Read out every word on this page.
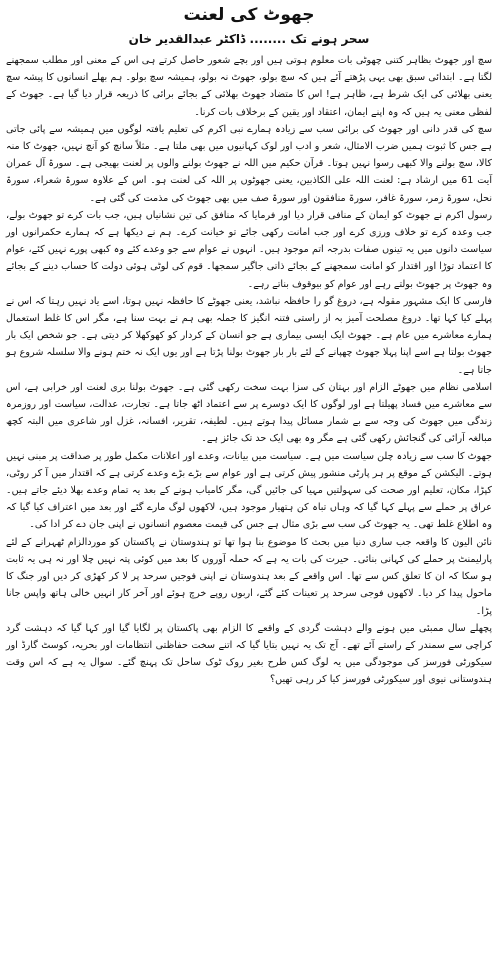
جھوٹ کی لعنت
سحر ہونے تک ........ ڈاکٹر عبدالقدیر خان

سچ اور جھوٹ بظاہر کتنی چھوٹی بات معلوم ہوتی ہیں اور بچے شعور حاصل کرتے ہی اس کے معنی اور مطلب سمجھنے لگتا ہے۔ ابتدائی سبق بھی یہی پڑھتے آئے ہیں کہ سچ بولو، جھوٹ نہ بولو، ہمیشہ سچ بولو۔ ہم بھلے انسانوں کا پیشہ سچ یعنی بھلائی کی ایک شرط ہے، ظاہر ہے! اس کا متضاد جھوٹ بھلائی کے بجائے برائی کا ذریعہ قرار دیا گیا ہے۔ جھوٹ کے لفظی معنی یہ ہیں کہ وہ اپنے ایمان، اعتقاد اور یقین کے برخلاف بات کرنا۔

سچ کی قدر دانی اور جھوٹ کی برائی سب سے زیادہ ہمارے نبی اکرم کی تعلیم یافتہ لوگوں میں ہمیشہ سے پائی جاتی ہے جس کا ثبوت ہمیں ضرب الامثال، شعر و ادب اور لوک کہانیوں میں بھی ملتا ہے۔ مثلاً سانچ کو آنچ نہیں، جھوٹ کا منہ کالا، سچ بولنے والا کبھی رسوا نہیں ہوتا۔ قرآن حکیم میں اللہ نے جھوٹ بولنے والوں پر لعنت بھیجی ہے۔ سورۃ آل عمران آیت 61 میں ارشاد ہے: لعنت اللہ علی الکاذبین، یعنی جھوٹوں پر اللہ کی لعنت ہو۔ اس کے علاوہ سورۃ شعراء، سورۃ نحل، سورۃ زمر، سورۃ غافر، سورۃ منافقون اور سورۃ صف میں بھی جھوٹ کی مذمت کی گئی ہے۔

رسول اکرم نے جھوٹ کو ایمان کے منافی قرار دیا اور فرمایا کہ منافق کی تین نشانیاں ہیں، جب بات کرے تو جھوٹ بولے، جب وعدہ کرے تو خلاف ورزی کرے اور جب امانت رکھی جائے تو خیانت کرے۔ ہم نے دیکھا ہے کہ ہمارے حکمرانوں اور سیاست دانوں میں یہ تینوں صفات بدرجہ اتم موجود ہیں۔ انہوں نے عوام سے جو وعدے کئے وہ کبھی پورے نہیں کئے، عوام کا اعتماد توڑا اور اقتدار کو امانت سمجھنے کے بجائے ذاتی جاگیر سمجھا۔ قوم کی لوٹی ہوئی دولت کا حساب دینے کے بجائے وہ جھوٹ پر جھوٹ بولتے رہے اور عوام کو بیوقوف بناتے رہے۔

فارسی کا ایک مشہور مقولہ ہے، دروغ گو را حافظہ نباشد، یعنی جھوٹے کا حافظہ نہیں ہوتا، اسے یاد نہیں رہتا کہ اس نے پہلے کیا کہا تھا۔ دروغ مصلحت آمیز بہ از راستی فتنہ انگیز کا جملہ بھی ہم نے بہت سنا ہے، مگر اس کا غلط استعمال ہمارے معاشرے میں عام ہے۔ جھوٹ ایک ایسی بیماری ہے جو انسان کے کردار کو کھوکھلا کر دیتی ہے۔ جو شخص ایک بار جھوٹ بولتا ہے اسے اپنا پہلا جھوٹ چھپانے کے لئے بار بار جھوٹ بولنا پڑتا ہے اور یوں ایک نہ ختم ہونے والا سلسلہ شروع ہو جاتا ہے۔

اسلامی نظام میں جھوٹے الزام اور بہتان کی سزا بہت سخت رکھی گئی ہے۔ جھوٹ بولنا بری لعنت اور خرابی ہے، اس سے معاشرے میں فساد پھیلتا ہے اور لوگوں کا ایک دوسرے پر سے اعتماد اٹھ جاتا ہے۔ تجارت، عدالت، سیاست اور روزمرہ زندگی میں جھوٹ کی وجہ سے بے شمار مسائل پیدا ہوتے ہیں۔ لطیفہ، تقریر، افسانہ، غزل اور شاعری میں البتہ کچھ مبالغہ آرائی کی گنجائش رکھی گئی ہے مگر وہ بھی ایک حد تک جائز ہے۔

جھوٹ کا سب سے زیادہ چلن سیاست میں ہے۔ سیاست میں بیانات، وعدے اور اعلانات مکمل طور پر صداقت پر مبنی نہیں ہوتے۔ الیکشن کے موقع پر ہر پارٹی منشور پیش کرتی ہے اور عوام سے بڑے بڑے وعدے کرتی ہے کہ اقتدار میں آ کر روٹی، کپڑا، مکان، تعلیم اور صحت کی سہولتیں مہیا کی جائیں گی، مگر کامیاب ہونے کے بعد یہ تمام وعدے بھلا دیئے جاتے ہیں۔ عراق پر حملے سے پہلے کہا گیا کہ وہاں تباہ کن ہتھیار موجود ہیں، لاکھوں لوگ مارے گئے اور بعد میں اعتراف کیا گیا کہ وہ اطلاع غلط تھی۔ یہ جھوٹ کی سب سے بڑی مثال ہے جس کی قیمت معصوم انسانوں نے اپنی جان دے کر ادا کی۔

نائن الیون کا واقعہ جب ساری دنیا میں بحث کا موضوع بنا ہوا تھا تو ہندوستان نے پاکستان کو موردالزام ٹھہرانے کے لئے پارلیمنٹ پر حملے کی کہانی بنائی۔ حیرت کی بات یہ ہے کہ حملہ آوروں کا بعد میں کوئی پتہ نہیں چلا اور نہ ہی یہ ثابت ہو سکا کہ ان کا تعلق کس سے تھا۔ اس واقعے کے بعد ہندوستان نے اپنی فوجیں سرحد پر لا کر کھڑی کر دیں اور جنگ کا ماحول پیدا کر دیا۔ لاکھوں فوجی سرحد پر تعینات کئے گئے، اربوں روپے خرچ ہوئے اور آخر کار انہیں خالی ہاتھ واپس جانا پڑا۔

پچھلے سال ممبئی میں ہونے والے دہشت گردی کے واقعے کا الزام بھی پاکستان پر لگایا گیا اور کہا گیا کہ دہشت گرد کراچی سے سمندر کے راستے آئے تھے۔ آج تک یہ نہیں بتایا گیا کہ اتنے سخت حفاظتی انتظامات اور بحریہ، کوسٹ گارڈ اور سیکورٹی فورسز کی موجودگی میں یہ لوگ کس طرح بغیر روک ٹوک ساحل تک پہنچ گئے۔ سوال یہ ہے کہ اس وقت ہندوستانی نیوی اور سیکورٹی فورسز کیا کر رہی تھیں؟
